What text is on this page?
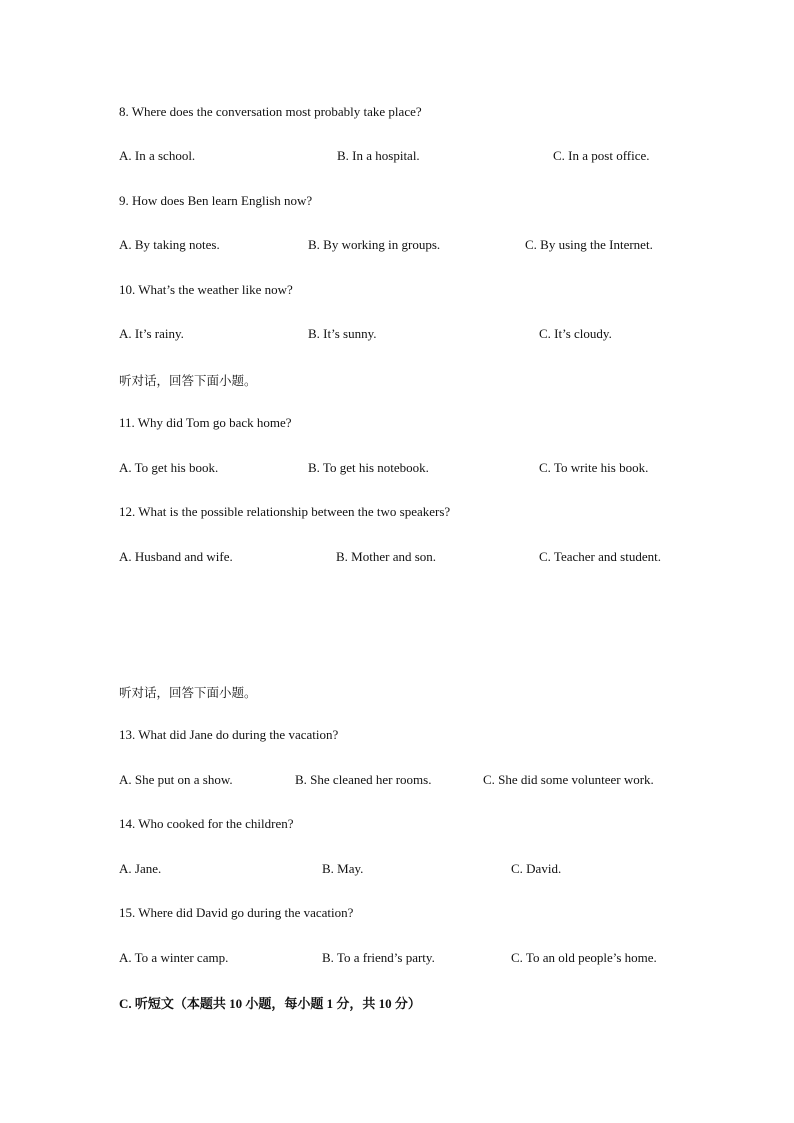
8. Where does the conversation most probably take place?
A. In a school.	B. In a hospital.	C. In a post office.
9. How does Ben learn English now?
A. By taking notes.	B. By working in groups.	C. By using the Internet.
10. What’s the weather like now?
A. It’s rainy.	B. It’s sunny.	C. It’s cloudy.
听对话，回答下面小题。
11. Why did Tom go back home?
A. To get his book.	B. To get his notebook.	C. To write his book.
12. What is the possible relationship between the two speakers?
A. Husband and wife.	B. Mother and son.	C. Teacher and student.
听对话，回答下面小题。
13. What did Jane do during the vacation?
A. She put on a show.	B. She cleaned her rooms.	C. She did some volunteer work.
14. Who cooked for the children?
A. Jane.	B. May.	C. David.
15. Where did David go during the vacation?
A. To a winter camp.	B. To a friend’s party.	C. To an old people’s home.
C. 听短文（本题共 10 小题，每小题 1 分，共 10 分）
